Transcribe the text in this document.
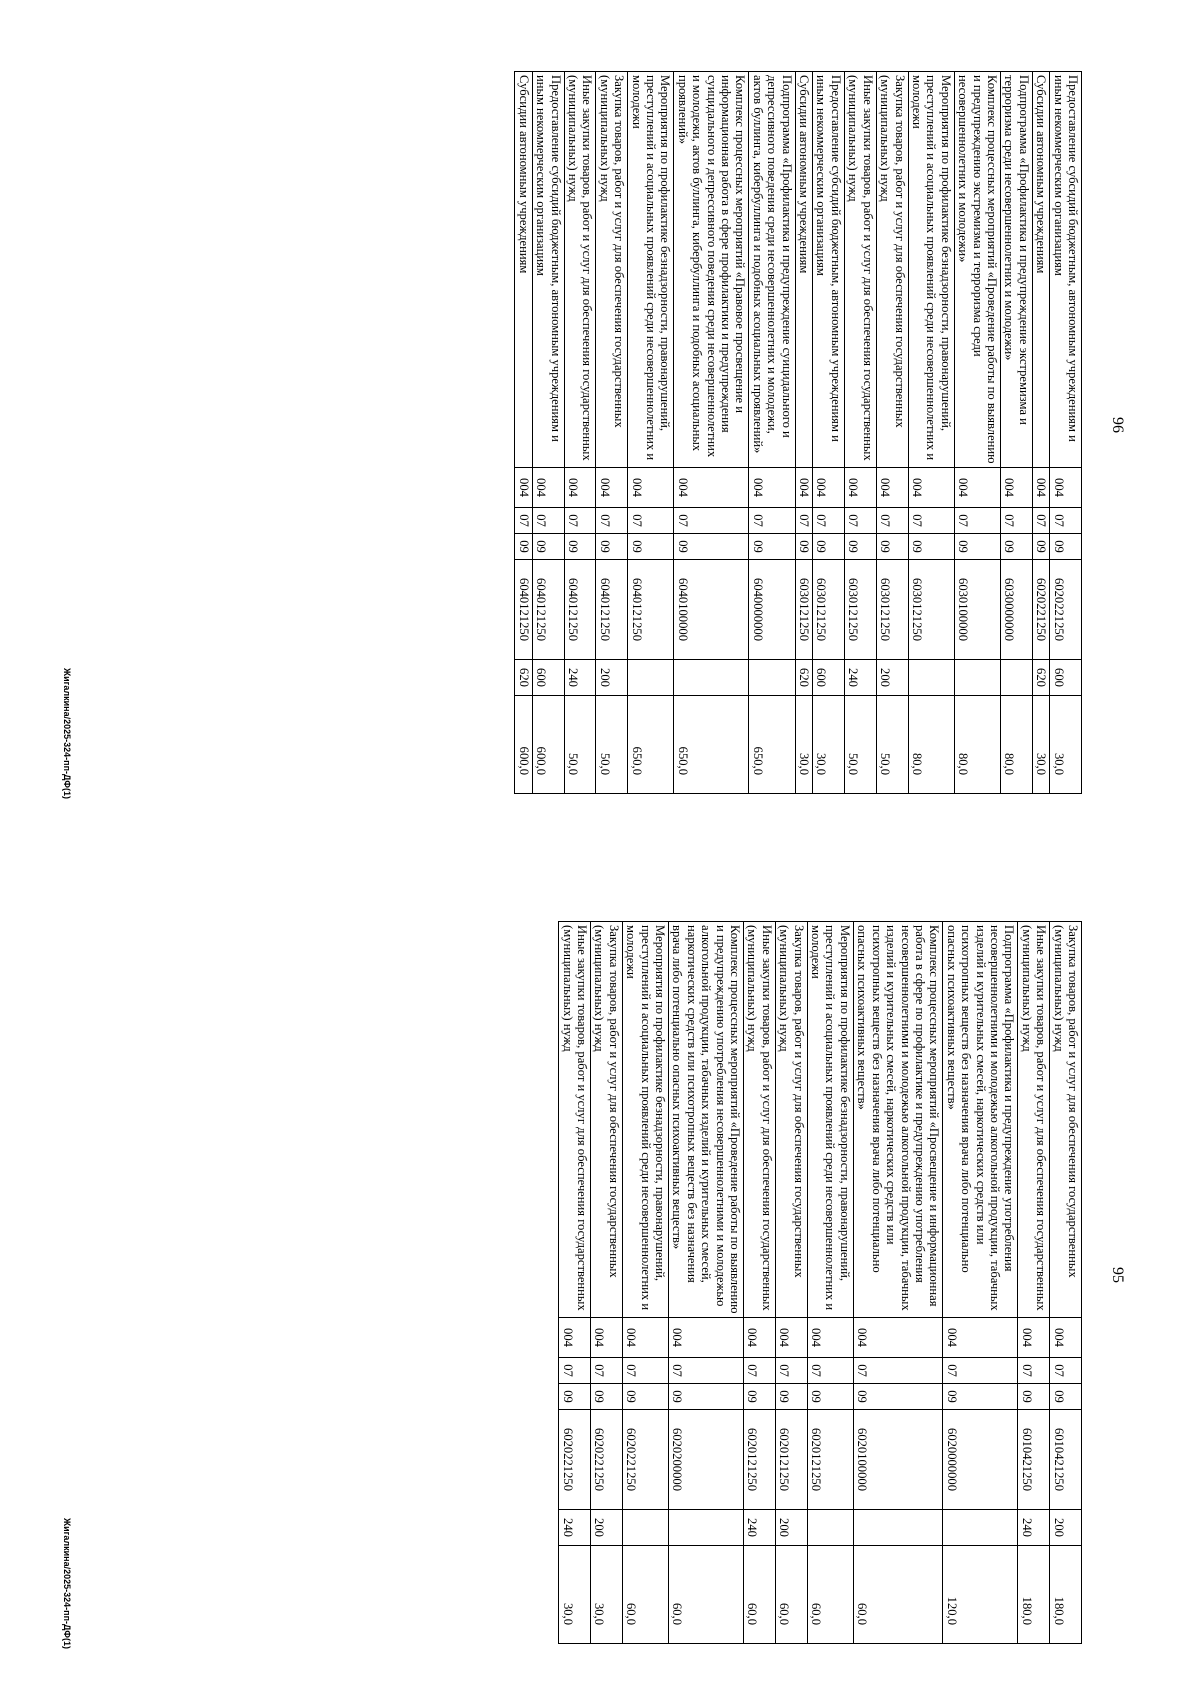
96
Предоставление субсидий бюджетным, автономным учреждениям и иным некоммерческим организациям	004	07	09	6020221250	600	30,0
Субсидии автономным учреждениям	004	07	09	6020221250	620	30,0
Подпрограмма «Профилактика и предупреждение экстремизма и терроризма среди несовершеннолетних и молодежи»	004	07	09	6030000000		80,0
Комплекс процессных мероприятий «Проведение работы по выявлению и предупреждению экстремизма и терроризма среди несовершеннолетних и молодежи»	004	07	09	6030100000		80,0
Мероприятия по профилактике безнадзорности, правонарушений, преступлений и асоциальных проявлений среди несовершеннолетних и молодежи	004	07	09	6030121250		80,0
Закупка товаров, работ и услуг для обеспечения государственных (муниципальных) нужд	004	07	09	6030121250	200	50,0
Иные закупки товаров, работ и услуг для обеспечения государственных (муниципальных) нужд	004	07	09	6030121250	240	50,0
Предоставление субсидий бюджетным, автономным учреждениям и иным некоммерческим организациям	004	07	09	6030121250	600	30,0
Субсидии автономным учреждениям	004	07	09	6030121250	620	30,0
Подпрограмма «Профилактика и предупреждение суицидального и депрессивного поведения среди несовершеннолетних и молодежи, актов буллинга, кибербуллинга и подобных асоциальных проявлений»	004	07	09	6040000000		650,0
Комплекс процессных мероприятий «Правовое просвещение и информационная работа в сфере профилактики и предупреждения суицидального и депрессивного поведения среди несовершеннолетних и молодежи, актов буллинга, кибербуллинга и подобных асоциальных проявлений»	004	07	09	6040100000		650,0
Мероприятия по профилактике безнадзорности, правонарушений, преступлений и асоциальных проявлений среди несовершеннолетних и молодежи	004	07	09	6040121250		650,0
Закупка товаров, работ и услуг для обеспечения государственных (муниципальных) нужд	004	07	09	6040121250	200	50,0
Иные закупки товаров, работ и услуг для обеспечения государственных (муниципальных) нужд	004	07	09	6040121250	240	50,0
Предоставление субсидий бюджетным, автономным учреждениям и иным некоммерческим организациям	004	07	09	6040121250	600	600,0
Субсидии автономным учреждениям	004	07	09	6040121250	620	600,0
Жигалкина/2025-324-пп-ДФ(1)
95
Закупка товаров, работ и услуг для обеспечения государственных (муниципальных) нужд	004	07	09	6010421250	200	180,0
Иные закупки товаров, работ и услуг для обеспечения государственных (муниципальных) нужд	004	07	09	6010421250	240	180,0
Подпрограмма «Профилактика и предупреждение употребления несовершеннолетними и молодежью алкогольной продукции, табачных изделий и курительных смесей, наркотических средств или психотропных веществ без назначения врача либо потенциально опасных психоактивных веществ»	004	07	09	6020000000		120,0
Комплекс процессных мероприятий «Просвещение и информационная работа в сфере по профилактике и предупреждению употребления несовершеннолетними и молодежью алкогольной продукции, табачных изделий и курительных смесей, наркотических средств или психотропных веществ без назначения врача либо потенциально опасных психоактивных веществ»	004	07	09	6020100000		60,0
Мероприятия по профилактике безнадзорности, правонарушений, преступлений и асоциальных проявлений среди несовершеннолетних и молодежи	004	07	09	6020121250		60,0
Закупка товаров, работ и услуг для обеспечения государственных (муниципальных) нужд	004	07	09	6020121250	200	60,0
Иные закупки товаров, работ и услуг для обеспечения государственных (муниципальных) нужд	004	07	09	6020121250	240	60,0
Комплекс процессных мероприятий «Проведение работы по выявлению и предупреждению употребления несовершеннолетними и молодежью алкогольной продукции, табачных изделий и курительных смесей, наркотических средств или психотропных веществ без назначения врача либо потенциально опасных психоактивных веществ»	004	07	09	6020200000		60,0
Мероприятия по профилактике безнадзорности, правонарушений, преступлений и асоциальных проявлений среди несовершеннолетних и молодежи	004	07	09	6020221250		60,0
Закупка товаров, работ и услуг для обеспечения государственных (муниципальных) нужд	004	07	09	6020221250	200	30,0
Иные закупки товаров, работ и услуг для обеспечения государственных (муниципальных) нужд	004	07	09	6020221250	240	30,0
Жигалкина/2025-324-пп-ДФ(1)
